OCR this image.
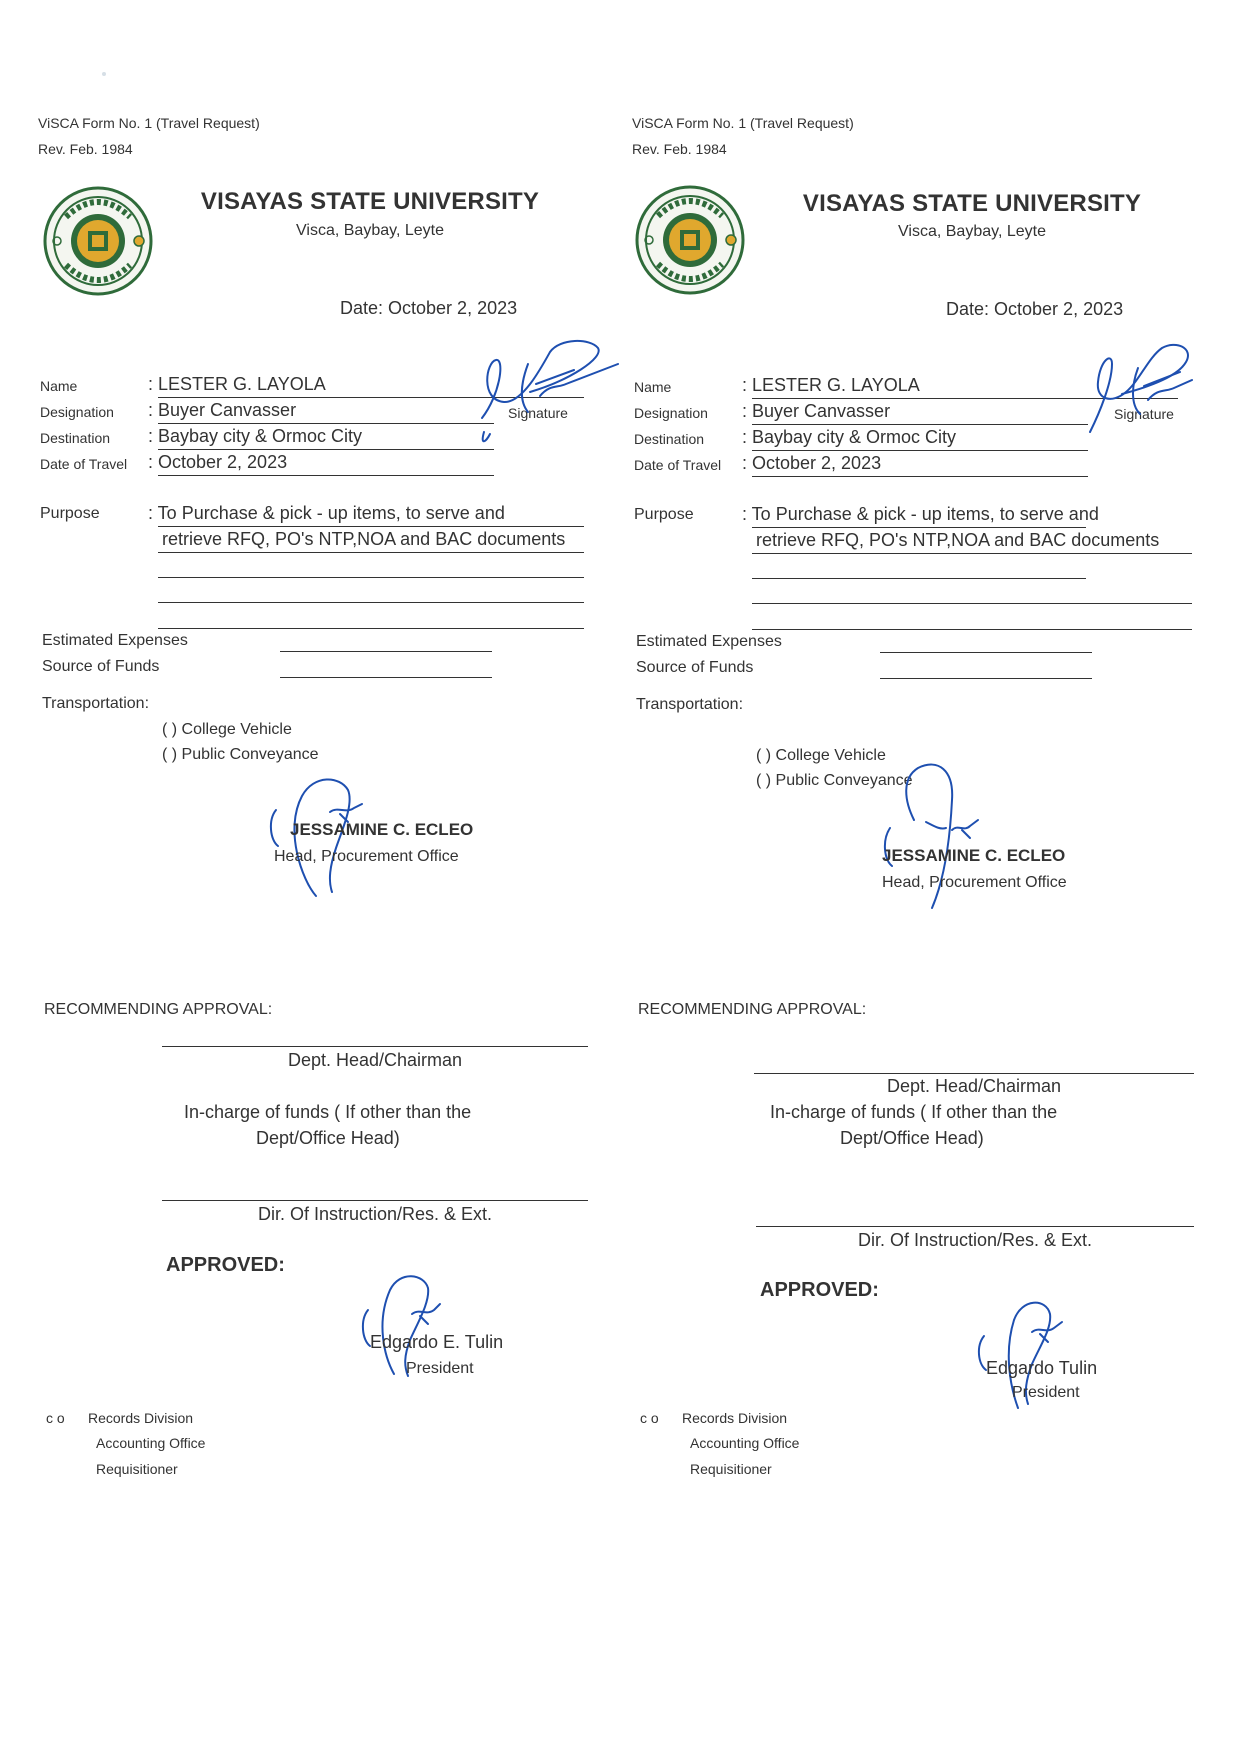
ViSCA Form No. 1 (Travel Request)
Rev. Feb. 1984
VISAYAS STATE UNIVERSITY
Visca, Baybay, Leyte
Date: October 2, 2023
Name	: LESTER G. LAYOLA
Designation : Buyer Canvasser	Signature
Destination : Baybay city & Ormoc City
Date of Travel : October 2, 2023
Purpose	: To Purchase & pick - up items, to serve and
retrieve RFQ, PO's NTP,NOA and BAC documents
Estimated Expenses
Source of Funds
Transportation:
( ) College Vehicle
( ) Public Conveyance
JESSAMINE C. ECLEO
Head, Procurement Office
RECOMMENDING APPROVAL:
Dept. Head/Chairman
In-charge of funds ( If other than the
Dept/Office Head)
Dir. Of Instruction/Res. & Ext.
APPROVED:
Edgardo E. Tulin
President
c o Records Division
Accounting Office
Requisitioner
ViSCA Form No. 1 (Travel Request)
Rev. Feb. 1984
VISAYAS STATE UNIVERSITY
Visca, Baybay, Leyte
Date: October 2, 2023
Name	: LESTER G. LAYOLA
Designation : Buyer Canvasser	Signature
Destination : Baybay city & Ormoc City
Date of Travel : October 2, 2023
Purpose	: To Purchase & pick - up items, to serve and
retrieve RFQ, PO's NTP,NOA and BAC documents
Estimated Expenses
Source of Funds
Transportation:
( ) College Vehicle
( ) Public Conveyance
JESSAMINE C. ECLEO
Head, Procurement Office
RECOMMENDING APPROVAL:
Dept. Head/Chairman
In-charge of funds ( If other than the
Dept/Office Head)
Dir. Of Instruction/Res. & Ext.
APPROVED:
Edgardo Tulin
President
c o Records Division
Accounting Office
Requisitioner
